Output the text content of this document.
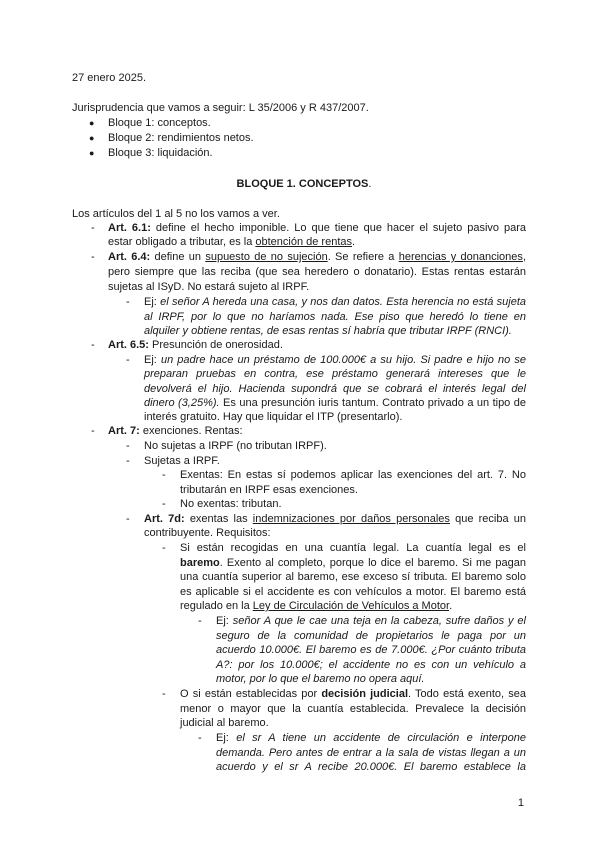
27 enero 2025.
Jurisprudencia que vamos a seguir: L 35/2006 y R 437/2007.
● Bloque 1: conceptos.
● Bloque 2: rendimientos netos.
● Bloque 3: liquidación.
BLOQUE 1. CONCEPTOS.
Los artículos del 1 al 5 no los vamos a ver.
- Art. 6.1: define el hecho imponible. Lo que tiene que hacer el sujeto pasivo para
estar obligado a tributar, es la obtención de rentas.
- Art. 6.4: define un supuesto de no sujeción. Se refiere a herencias y donanciones,
pero siempre que las reciba (que sea heredero o donatario). Estas rentas estarán
sujetas al ISyD. No estará sujeto al IRPF.
- Ej: el señor A hereda una casa, y nos dan datos. Esta herencia no está sujeta
al IRPF, por lo que no haríamos nada. Ese piso que heredó lo tiene en
alquiler y obtiene rentas, de esas rentas sí habría que tributar IRPF (RNCI).
- Art. 6.5: Presunción de onerosidad.
- Ej: un padre hace un préstamo de 100.000€ a su hijo. Si padre e hijo no se
preparan pruebas en contra, ese préstamo generará intereses que le
devolverá el hijo. Hacienda supondrá que se cobrará el interés legal del
dinero (3,25%). Es una presunción iuris tantum. Contrato privado a un tipo de
interés gratuito. Hay que liquidar el ITP (presentarlo).
- Art. 7: exenciones. Rentas:
- No sujetas a IRPF (no tributan IRPF).
- Sujetas a IRPF.
- Exentas: En estas sí podemos aplicar las exenciones del art. 7. No
tributarán en IRPF esas exenciones.
- No exentas: tributan.
- Art. 7d: exentas las indemnizaciones por daños personales que reciba un
contribuyente. Requisitos:
- Si están recogidas en una cuantía legal. La cuantía legal es el
baremo. Exento al completo, porque lo dice el baremo. Si me pagan
una cuantía superior al baremo, ese exceso sí tributa. El baremo solo
es aplicable si el accidente es con vehículos a motor. El baremo está
regulado en la Ley de Circulación de Vehículos a Motor.
- Ej: señor A que le cae una teja en la cabeza, sufre daños y el
seguro de la comunidad de propietarios le paga por un
acuerdo 10.000€. El baremo es de 7.000€. ¿Por cuánto tributa
A?: por los 10.000€; el accidente no es con un vehículo a
motor, por lo que el baremo no opera aquí.
- O si están establecidas por decisión judicial. Todo está exento, sea
menor o mayor que la cuantía establecida. Prevalece la decisión
judicial al baremo.
- Ej: el sr A tiene un accidente de circulación e interpone
demanda. Pero antes de entrar a la sala de vistas llegan a un
acuerdo y el sr A recibe 20.000€. El baremo establece la
1
